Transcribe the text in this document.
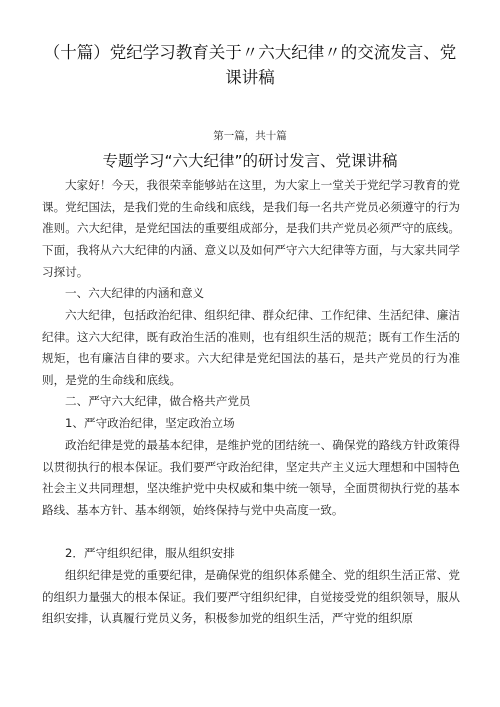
（十篇）党纪学习教育关于〃六大纪律〃的交流发言、党课讲稿
第一篇，共十篇
专题学习“六大纪律”的研讨发言、党课讲稿

大家好！今天，我很荣幸能够站在这里，为大家上一堂关于党纪学习教育的党课。党纪国法，是我们党的生命线和底线，是我们每一名共产党员必须遵守的行为准则。六大纪律，是党纪国法的重要组成部分，是我们共产党员必须严守的底线。下面，我将从六大纪律的内涵、意义以及如何严守六大纪律等方面，与大家共同学习探讨。

一、六大纪律的内涵和意义

六大纪律，包括政治纪律、组织纪律、群众纪律、工作纪律、生活纪律、廉洁纪律。这六大纪律，既有政治生活的准则，也有组织生活的规范；既有工作生活的规矩，也有廉洁自律的要求。六大纪律是党纪国法的基石，是共产党员的行为准则，是党的生命线和底线。

二、严守六大纪律，做合格共产党员

1、严守政治纪律，坚定政治立场

政治纪律是党的最基本纪律，是维护党的团结统一、确保党的路线方针政策得以贯彻执行的根本保证。我们要严守政治纪律，坚定共产主义远大理想和中国特色社会主义共同理想，坚决维护党中央权威和集中统一领导，全面贯彻执行党的基本路线、基本方针、基本纲领，始终保持与党中央高度一致。

2．严守组织纪律，服从组织安排

组织纪律是党的重要纪律，是确保党的组织体系健全、党的组织生活正常、党的组织力量强大的根本保证。我们要严守组织纪律，自觉接受党的组织领导，服从组织安排，认真履行党员义务，积极参加党的组织生活，严守党的组织原
